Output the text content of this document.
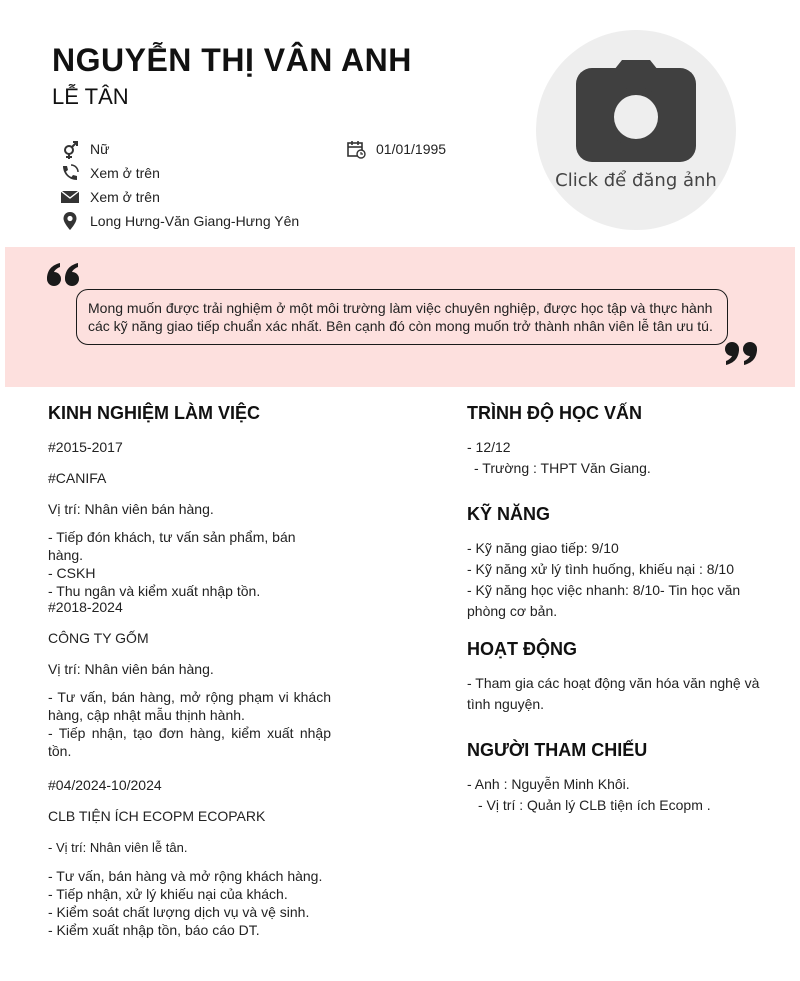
NGUYỄN THỊ VÂN ANH
LỄ TÂN
Nữ	01/01/1995
Xem ở trên
Xem ở trên
Long Hưng-Văn Giang-Hưng Yên
Click để đăng ảnh
Mong muốn được trải nghiệm ở một môi trường làm việc chuyên nghiệp, được học tập và thực hành các kỹ năng giao tiếp chuẩn xác nhất. Bên cạnh đó còn mong muốn trở thành nhân viên lễ tân ưu tú.
KINH NGHIỆM LÀM VIỆC
#2015-2017
#CANIFA
Vị trí: Nhân viên bán hàng.
- Tiếp đón khách, tư vấn sản phẩm, bán hàng.
- CSKH
- Thu ngân và kiểm xuất nhập tồn.
#2018-2024
CÔNG TY GỐM
Vị trí: Nhân viên bán hàng.
- Tư vấn, bán hàng, mở rộng phạm vi khách hàng, cập nhật mẫu thịnh hành.
- Tiếp nhận, tạo đơn hàng, kiểm xuất nhập tồn.
#04/2024-10/2024
CLB TIỆN ÍCH ECOPM ECOPARK
- Vị trí: Nhân viên lễ tân.
- Tư vấn, bán hàng và mở rộng khách hàng.
- Tiếp nhận, xử lý khiếu nại của khách.
- Kiểm soát chất lượng dịch vụ và vệ sinh.
- Kiểm xuất nhập tồn, báo cáo DT.
TRÌNH ĐỘ HỌC VẤN
- 12/12
- Trường : THPT Văn Giang.
KỸ NĂNG
- Kỹ năng giao tiếp: 9/10
- Kỹ năng xử lý tình huống, khiếu nại : 8/10
- Kỹ năng học việc nhanh: 8/10- Tin học văn phòng cơ bản.
HOẠT ĐỘNG
- Tham gia các hoạt động văn hóa văn nghệ và tình nguyện.
NGƯỜI THAM CHIẾU
- Anh : Nguyễn Minh Khôi.
- Vị trí : Quản lý CLB tiện ích Ecopm .
